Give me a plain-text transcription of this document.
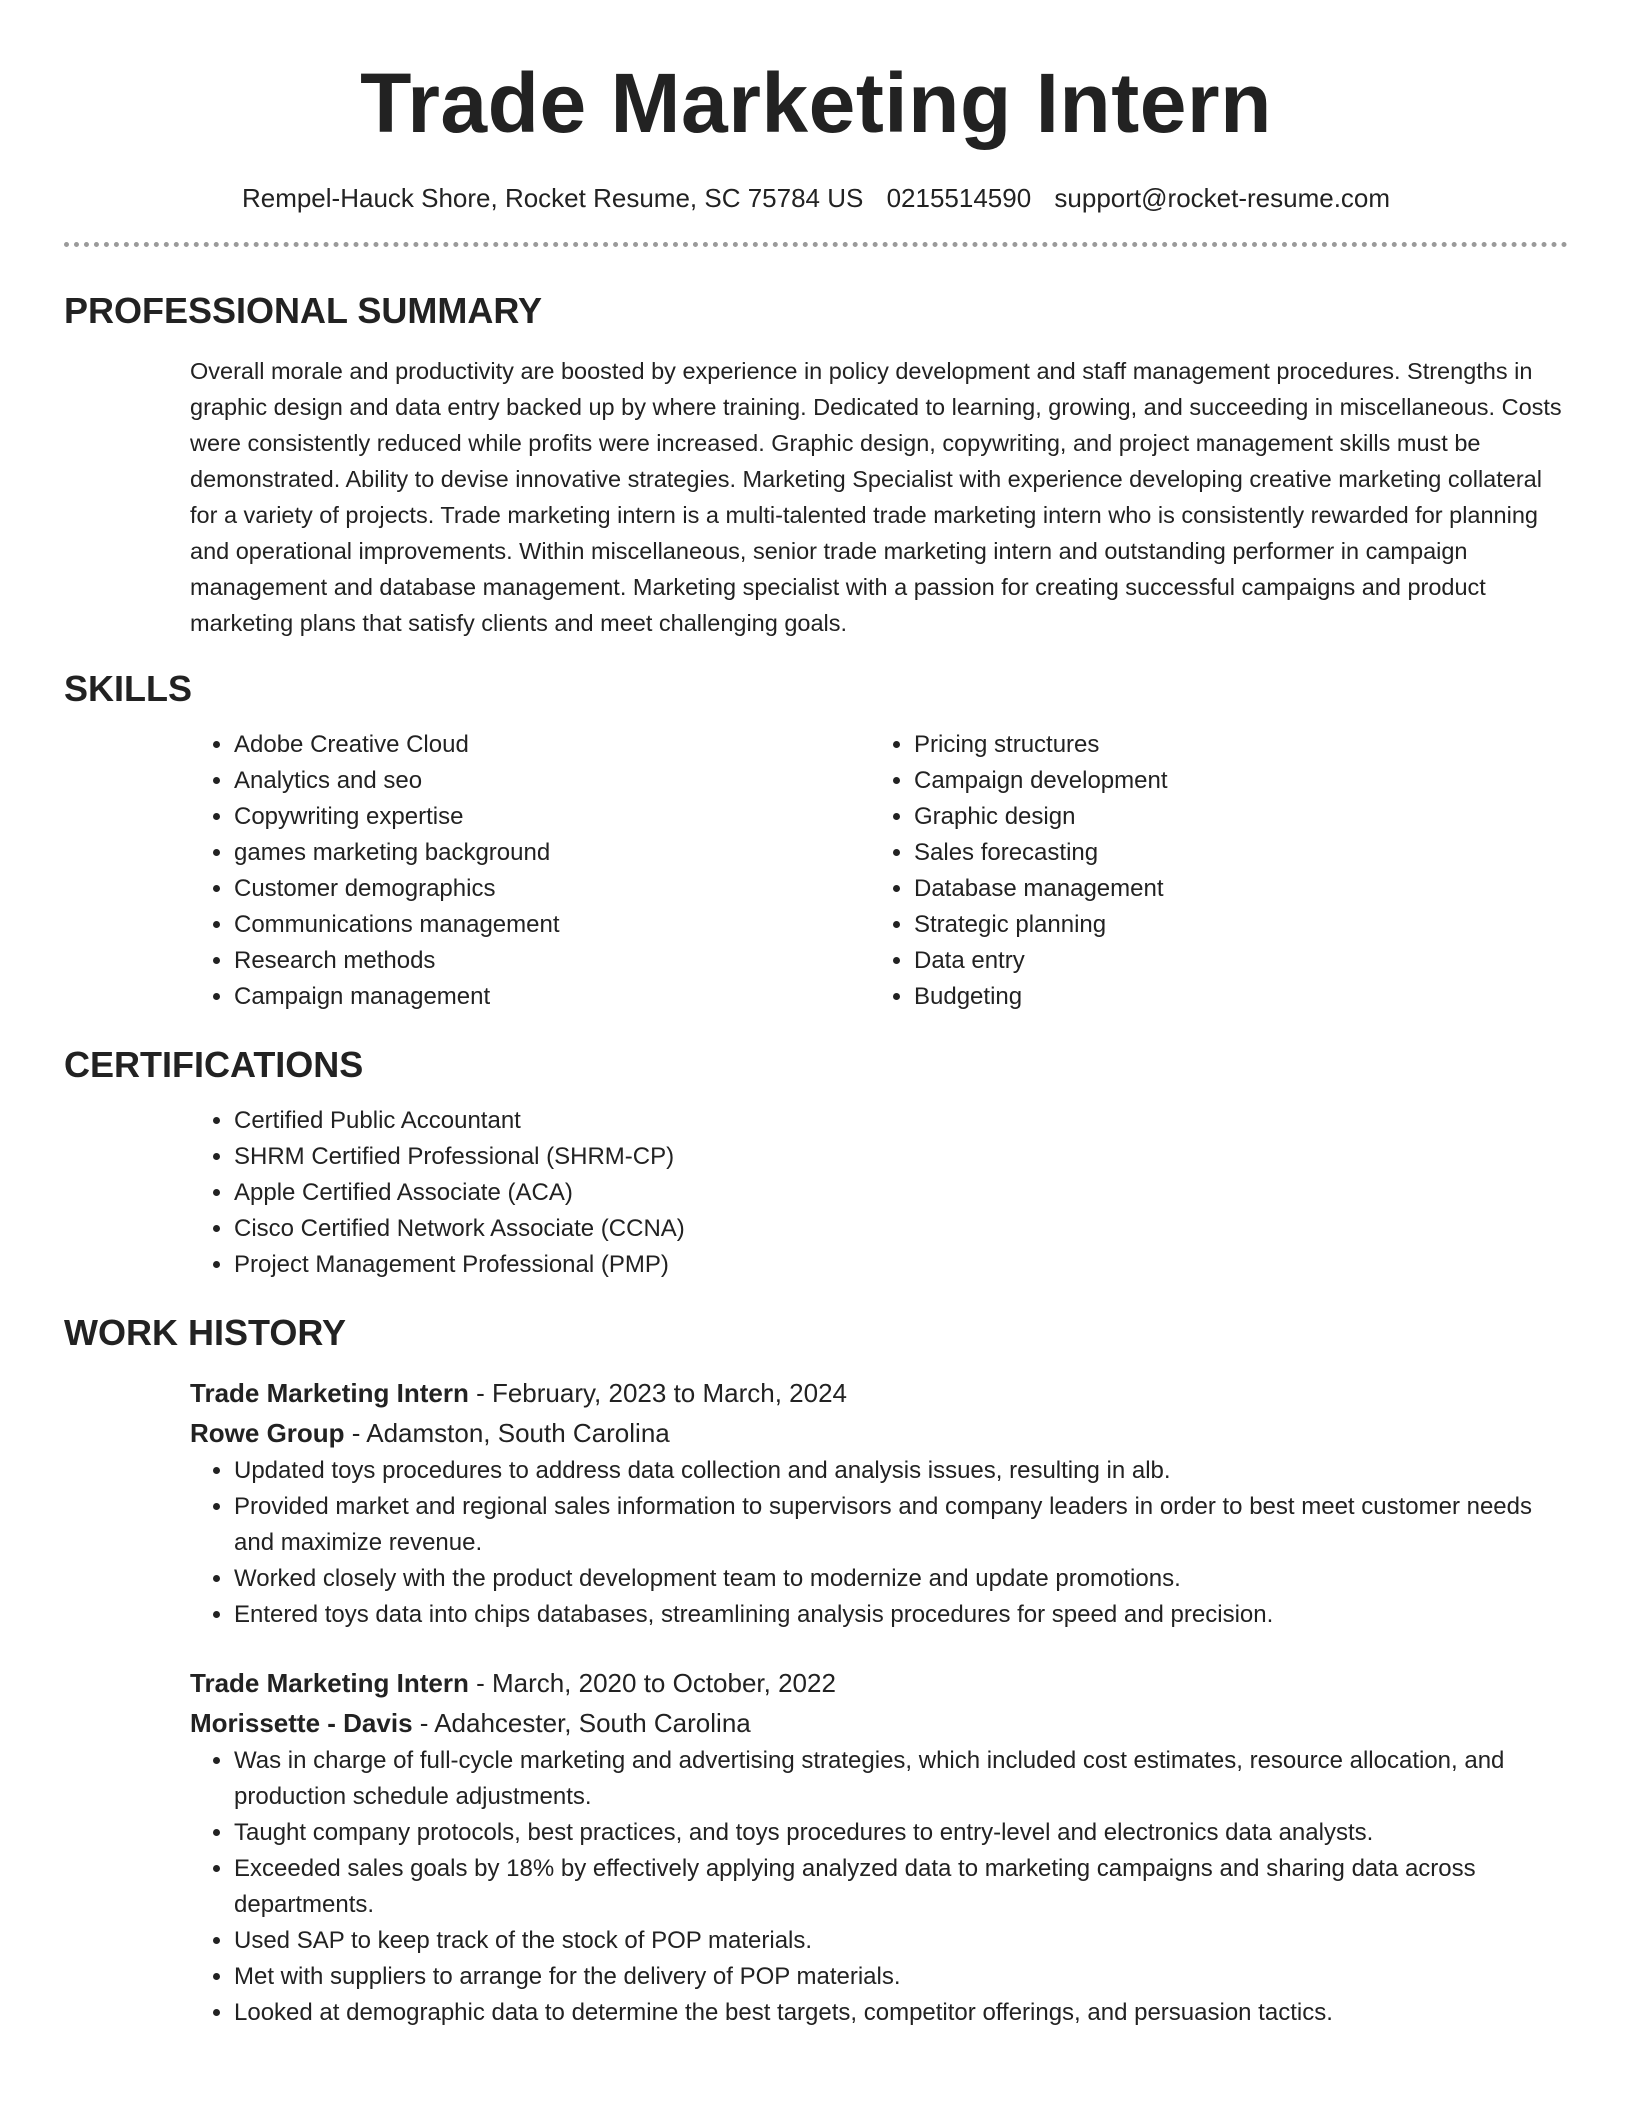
Trade Marketing Intern
Rempel-Hauck Shore, Rocket Resume, SC 75784 US 0215514590 support@rocket-resume.com
PROFESSIONAL SUMMARY
Overall morale and productivity are boosted by experience in policy development and staff management procedures. Strengths in graphic design and data entry backed up by where training. Dedicated to learning, growing, and succeeding in miscellaneous. Costs were consistently reduced while profits were increased. Graphic design, copywriting, and project management skills must be demonstrated. Ability to devise innovative strategies. Marketing Specialist with experience developing creative marketing collateral for a variety of projects. Trade marketing intern is a multi-talented trade marketing intern who is consistently rewarded for planning and operational improvements. Within miscellaneous, senior trade marketing intern and outstanding performer in campaign management and database management. Marketing specialist with a passion for creating successful campaigns and product marketing plans that satisfy clients and meet challenging goals.
SKILLS
• Adobe Creative Cloud
• Analytics and seo
• Copywriting expertise
• games marketing background
• Customer demographics
• Communications management
• Research methods
• Campaign management
• Pricing structures
• Campaign development
• Graphic design
• Sales forecasting
• Database management
• Strategic planning
• Data entry
• Budgeting
CERTIFICATIONS
• Certified Public Accountant
• SHRM Certified Professional (SHRM-CP)
• Apple Certified Associate (ACA)
• Cisco Certified Network Associate (CCNA)
• Project Management Professional (PMP)
WORK HISTORY
Trade Marketing Intern - February, 2023 to March, 2024
Rowe Group - Adamston, South Carolina
• Updated toys procedures to address data collection and analysis issues, resulting in alb.
• Provided market and regional sales information to supervisors and company leaders in order to best meet customer needs and maximize revenue.
• Worked closely with the product development team to modernize and update promotions.
• Entered toys data into chips databases, streamlining analysis procedures for speed and precision.
Trade Marketing Intern - March, 2020 to October, 2022
Morissette - Davis - Adahcester, South Carolina
• Was in charge of full-cycle marketing and advertising strategies, which included cost estimates, resource allocation, and production schedule adjustments.
• Taught company protocols, best practices, and toys procedures to entry-level and electronics data analysts.
• Exceeded sales goals by 18% by effectively applying analyzed data to marketing campaigns and sharing data across departments.
• Used SAP to keep track of the stock of POP materials.
• Met with suppliers to arrange for the delivery of POP materials.
• Looked at demographic data to determine the best targets, competitor offerings, and persuasion tactics.
